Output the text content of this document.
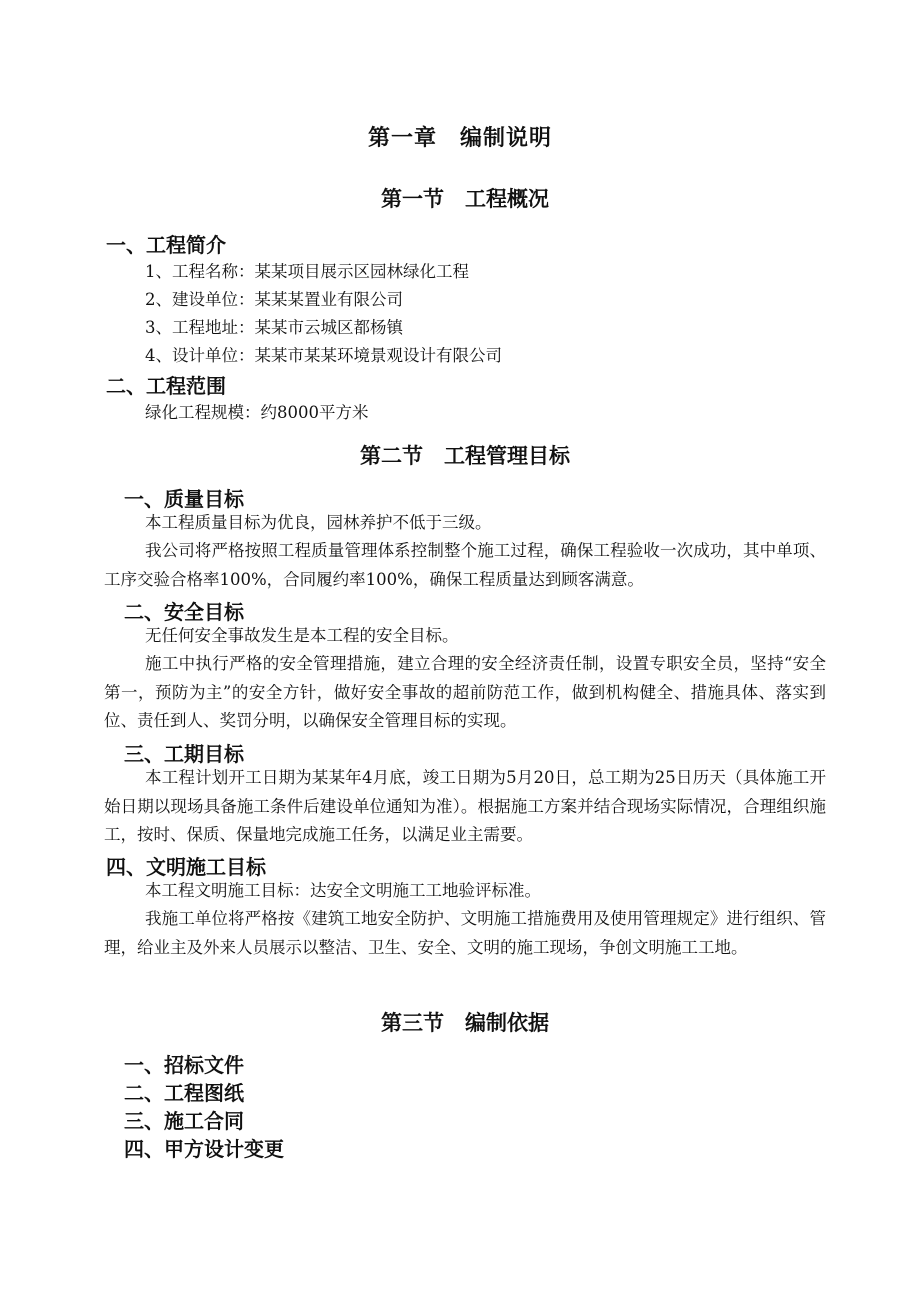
第一章　编制说明
第一节　工程概况
一、工程简介
1、工程名称：某某项目展示区园林绿化工程
2、建设单位：某某某置业有限公司
3、工程地址：某某市云城区都杨镇
4、设计单位：某某市某某环境景观设计有限公司
二、工程范围
绿化工程规模：约8000平方米
第二节　工程管理目标
一、质量目标
本工程质量目标为优良，园林养护不低于三级。
我公司将严格按照工程质量管理体系控制整个施工过程，确保工程验收一次成功，其中单项、工序交验合格率100%，合同履约率100%，确保工程质量达到顾客满意。
二、安全目标
无任何安全事故发生是本工程的安全目标。
施工中执行严格的安全管理措施，建立合理的安全经济责任制，设置专职安全员，坚持“安全第一，预防为主”的安全方针，做好安全事故的超前防范工作，做到机构健全、措施具体、落实到位、责任到人、奖罚分明，以确保安全管理目标的实现。
三、工期目标
本工程计划开工日期为某某年4月底，竣工日期为5月20日，总工期为25日历天（具体施工开始日期以现场具备施工条件后建设单位通知为准）。根据施工方案并结合现场实际情况，合理组织施工，按时、保质、保量地完成施工任务，以满足业主需要。
四、文明施工目标
本工程文明施工目标：达安全文明施工工地验评标准。
我施工单位将严格按《建筑工地安全防护、文明施工措施费用及使用管理规定》进行组织、管理，给业主及外来人员展示以整洁、卫生、安全、文明的施工现场，争创文明施工工地。
第三节　编制依据
一、招标文件
二、工程图纸
三、施工合同
四、甲方设计变更
